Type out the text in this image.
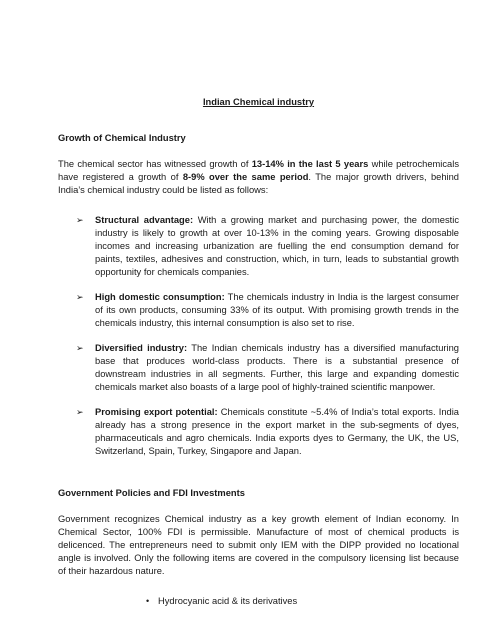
Indian Chemical industry
Growth of Chemical Industry

The chemical sector has witnessed growth of 13-14% in the last 5 years while petrochemicals have registered a growth of 8-9% over the same period. The major growth drivers, behind India’s chemical industry could be listed as follows:

➢ Structural advantage: With a growing market and purchasing power, the domestic industry is likely to growth at over 10-13% in the coming years. Growing disposable incomes and increasing urbanization are fuelling the end consumption demand for paints, textiles, adhesives and construction, which, in turn, leads to substantial growth opportunity for chemicals companies.
➢ High domestic consumption: The chemicals industry in India is the largest consumer of its own products, consuming 33% of its output. With promising growth trends in the chemicals industry, this internal consumption is also set to rise.
➢ Diversified industry: The Indian chemicals industry has a diversified manufacturing base that produces world-class products. There is a substantial presence of downstream industries in all segments. Further, this large and expanding domestic chemicals market also boasts of a large pool of highly-trained scientific manpower.
➢ Promising export potential: Chemicals constitute ~5.4% of India’s total exports. India already has a strong presence in the export market in the sub-segments of dyes, pharmaceuticals and agro chemicals. India exports dyes to Germany, the UK, the US, Switzerland, Spain, Turkey, Singapore and Japan.
Government Policies and FDI Investments

Government recognizes Chemical industry as a key growth element of Indian economy. In Chemical Sector, 100% FDI is permissible. Manufacture of most of chemical products is delicenced. The entrepreneurs need to submit only IEM with the DIPP provided no locational angle is involved. Only the following items are covered in the compulsory licensing list because of their hazardous nature.

• Hydrocyanic acid & its derivatives
